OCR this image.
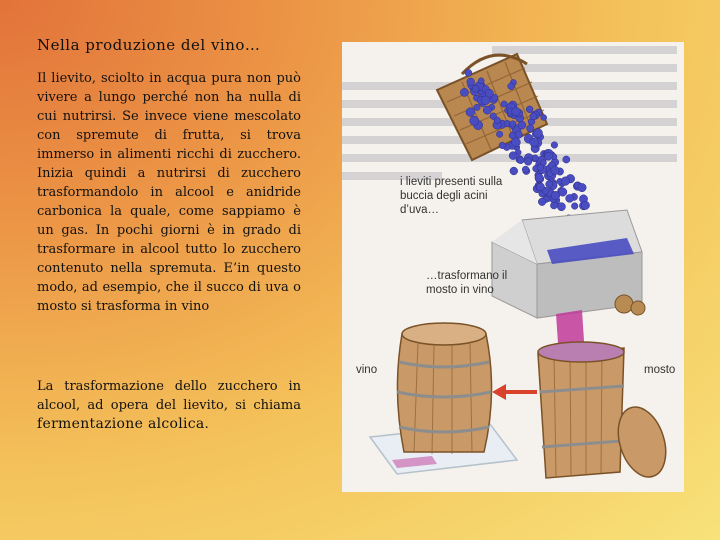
Nella produzione del vino…

Il lievito, sciolto in acqua pura non può vivere a lungo perché non ha nulla di cui nutrirsi. Se invece viene mescolato con spremute di frutta, si trova immerso in alimenti ricchi di zucchero. Inizia quindi a nutrirsi di zucchero trasformandolo in alcool e anidride carbonica la quale, come sappiamo è un gas. In pochi giorni è in grado di trasformare in alcool tutto lo zucchero contenuto nella spremuta. E’in questo modo, ad esempio, che il succo di uva o mosto si trasforma in vino

La trasformazione dello zucchero in alcool, ad opera del lievito, si chiama fermentazione alcolica.

i lieviti presenti sulla buccia degli acini d’uva…
…trasformano il mosto in vino
vino	mosto
